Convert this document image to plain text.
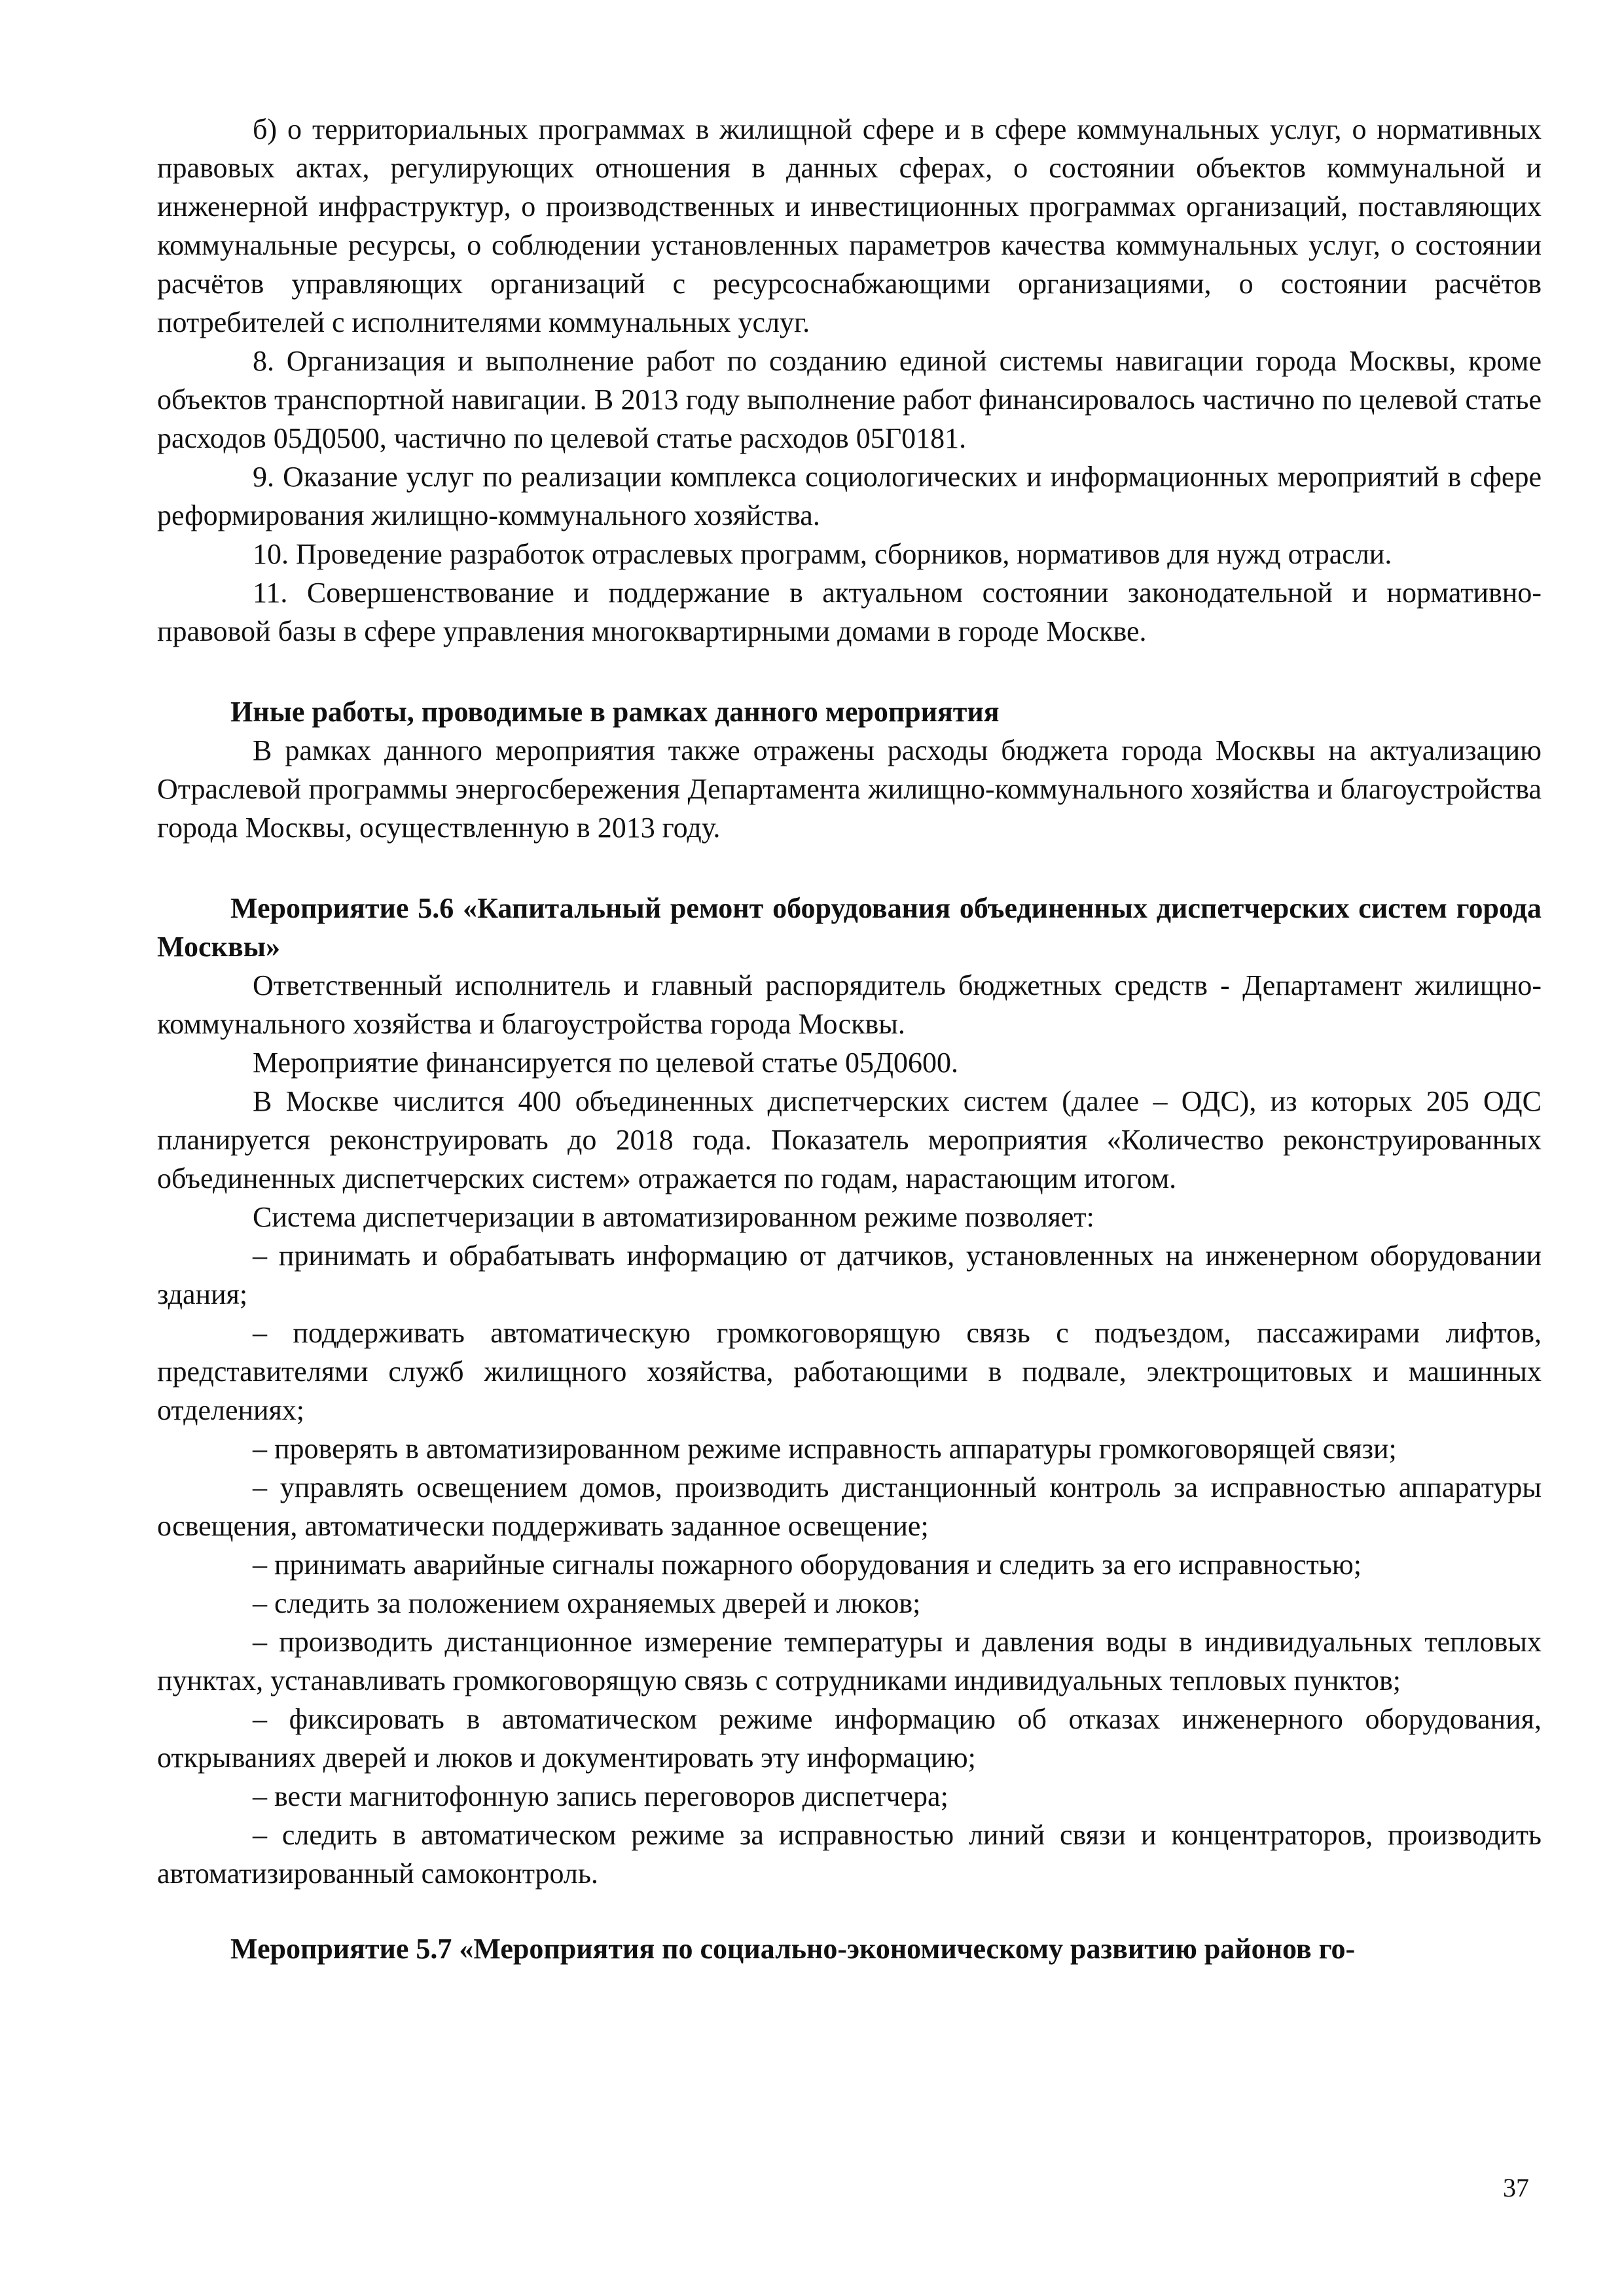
б) о территориальных программах в жилищной сфере и в сфере коммунальных услуг, о нормативных правовых актах, регулирующих отношения в данных сферах, о состоянии объектов коммунальной и инженерной инфраструктур, о производственных и инвестиционных программах организаций, поставляющих коммунальные ресурсы, о соблюдении установленных параметров качества коммунальных услуг, о состоянии расчётов управляющих организаций с ресурсоснабжающими организациями, о состоянии расчётов потребителей с исполнителями коммунальных услуг.

8. Организация и выполнение работ по созданию единой системы навигации города Москвы, кроме объектов транспортной навигации. В 2013 году выполнение работ финансировалось частично по целевой статье расходов 05Д0500, частично по целевой статье расходов 05Г0181.

9. Оказание услуг по реализации комплекса социологических и информационных мероприятий в сфере реформирования жилищно-коммунального хозяйства.

10. Проведение разработок отраслевых программ, сборников, нормативов для нужд отрасли.

11. Совершенствование и поддержание в актуальном состоянии законодательной и нормативно-правовой базы в сфере управления многоквартирными домами в городе Москве.

Иные работы, проводимые в рамках данного мероприятия

В рамках данного мероприятия также отражены расходы бюджета города Москвы на актуализацию Отраслевой программы энергосбережения Департамента жилищно-коммунального хозяйства и благоустройства города Москвы, осуществленную в 2013 году.

Мероприятие 5.6 «Капитальный ремонт оборудования объединенных диспетчерских систем города Москвы»

Ответственный исполнитель и главный распорядитель бюджетных средств - Департамент жилищно-коммунального хозяйства и благоустройства города Москвы.

Мероприятие финансируется по целевой статье 05Д0600.

В Москве числится 400 объединенных диспетчерских систем (далее – ОДС), из которых 205 ОДС планируется реконструировать до 2018 года. Показатель мероприятия «Количество реконструированных объединенных диспетчерских систем» отражается по годам, нарастающим итогом.

Система диспетчеризации в автоматизированном режиме позволяет:

– принимать и обрабатывать информацию от датчиков, установленных на инженерном оборудовании здания;

– поддерживать автоматическую громкоговорящую связь с подъездом, пассажирами лифтов, представителями служб жилищного хозяйства, работающими в подвале, электрощитовых и машинных отделениях;

– проверять в автоматизированном режиме исправность аппаратуры громкоговорящей связи;

– управлять освещением домов, производить дистанционный контроль за исправностью аппаратуры освещения, автоматически поддерживать заданное освещение;

– принимать аварийные сигналы пожарного оборудования и следить за его исправностью;

– следить за положением охраняемых дверей и люков;

– производить дистанционное измерение температуры и давления воды в индивидуальных тепловых пунктах, устанавливать громкоговорящую связь с сотрудниками индивидуальных тепловых пунктов;

– фиксировать в автоматическом режиме информацию об отказах инженерного оборудования, открываниях дверей и люков и документировать эту информацию;

– вести магнитофонную запись переговоров диспетчера;

– следить в автоматическом режиме за исправностью линий связи и концентраторов, производить автоматизированный самоконтроль.

Мероприятие 5.7 «Мероприятия по социально-экономическому развитию районов го-

37
